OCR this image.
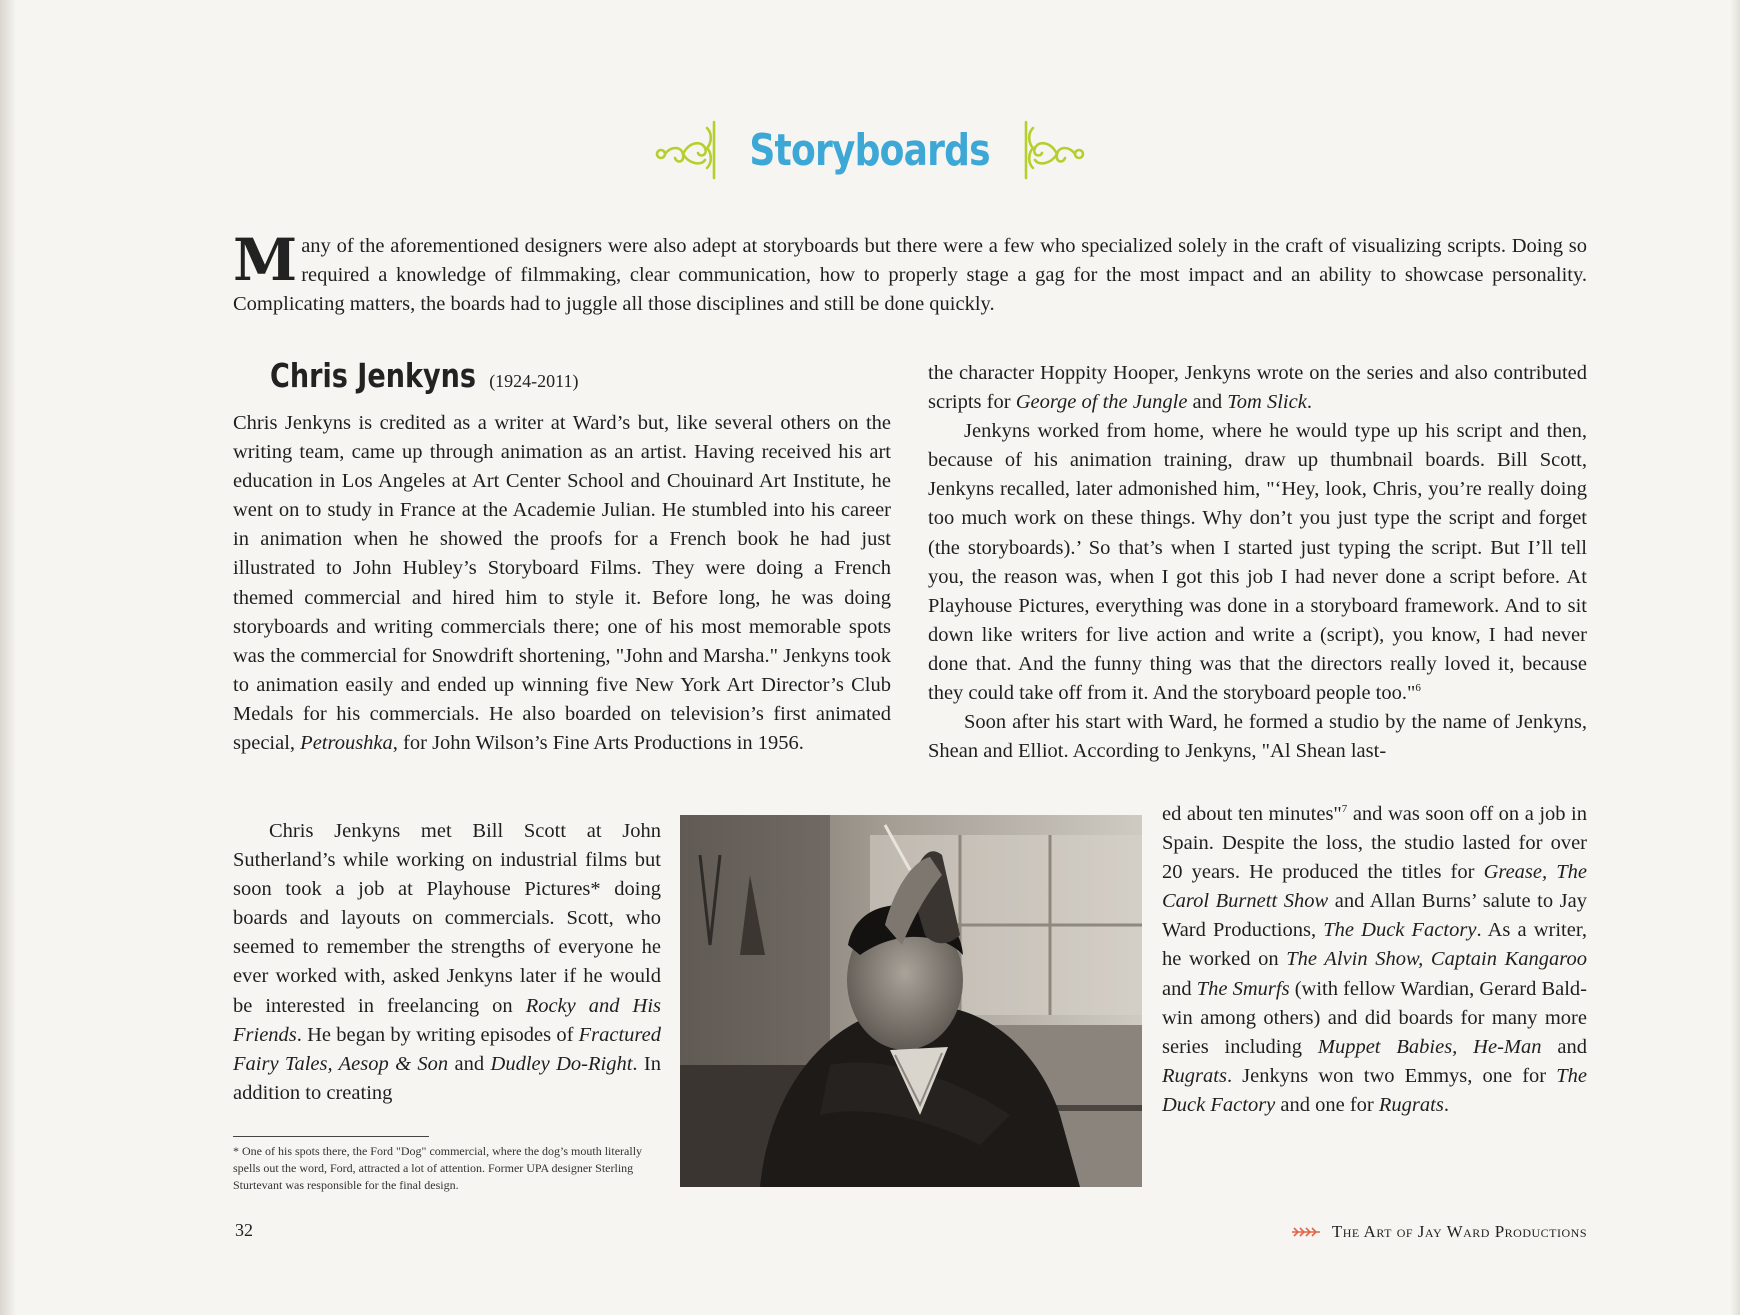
Storyboards
Many of the aforementioned designers were also adept at storyboards but there were a few who specialized solely in the craft of visualizing scripts. Doing so required a knowledge of filmmaking, clear communication, how to properly stage a gag for the most impact and an ability to showcase personality. Complicating matters, the boards had to juggle all those disciplines and still be done quickly.
Chris Jenkyns (1924-2011)

Chris Jenkyns is credited as a writer at Ward’s but, like several others on the writing team, came up through animation as an artist. Having received his art education in Los Angeles at Art Center School and Chouinard Art Institute, he went on to study in France at the Academie Julian. He stumbled into his career in animation when he showed the proofs for a French book he had just illustrated to John Hubley’s Storyboard Films. They were doing a French themed commercial and hired him to style it. Before long, he was doing storyboards and writing commercials there; one of his most memorable spots was the commercial for Snowdrift shortening, "John and Marsha." Jenkyns took to animation easily and ended up winning five New York Art Director’s Club Medals for his commercials. He also boarded on television’s first animated special, Petroushka, for John Wilson’s Fine Arts Productions in 1956.

Chris Jenkyns met Bill Scott at John Sutherland’s while working on industrial films but soon took a job at Playhouse Pictures* doing boards and layouts on commercials. Scott, who seemed to remember the strengths of everyone he ever worked with, asked Jenkyns later if he would be interested in freelancing on Rocky and His Friends. He began by writing episodes of Fractured Fairy Tales, Aesop & Son and Dudley Do-Right. In addition to creating

the character Hoppity Hooper, Jenkyns wrote on the series and also contributed scripts for George of the Jungle and Tom Slick.

Jenkyns worked from home, where he would type up his script and then, because of his animation training, draw up thumbnail boards. Bill Scott, Jenkyns recalled, later admonished him, "‘Hey, look, Chris, you’re really doing too much work on these things. Why don’t you just type the script and forget (the storyboards).’ So that’s when I started just typing the script. But I’ll tell you, the reason was, when I got this job I had never done a script before. At Playhouse Pictures, everything was done in a storyboard framework. And to sit down like writers for live action and write a (script), you know, I had never done that. And the funny thing was that the directors really loved it, because they could take off from it. And the storyboard people too."$^6$

Soon after his start with Ward, he formed a studio by the name of Jenkyns, Shean and Elliot. According to Jenkyns, "Al Shean last-

ed about ten minutes"$^7$ and was soon off on a job in Spain. Despite the loss, the studio lasted for over 20 years. He produced the titles for Grease, The Carol Burnett Show and Allan Burns’ salute to Jay Ward Productions, The Duck Factory. As a writer, he worked on The Alvin Show, Captain Kangaroo and The Smurfs (with fellow Wardian, Gerard Baldwin among others) and did boards for many more series including Muppet Babies, He-Man and Rugrats. Jenkyns won two Emmys, one for The Duck Factory and one for Rugrats.

* One of his spots there, the Ford "Dog" commercial, where the dog’s mouth literally spells out the word, Ford, attracted a lot of attention. Former UPA designer Sterling Sturtevant was responsible for the final design.
32	The Art of Jay Ward Productions
